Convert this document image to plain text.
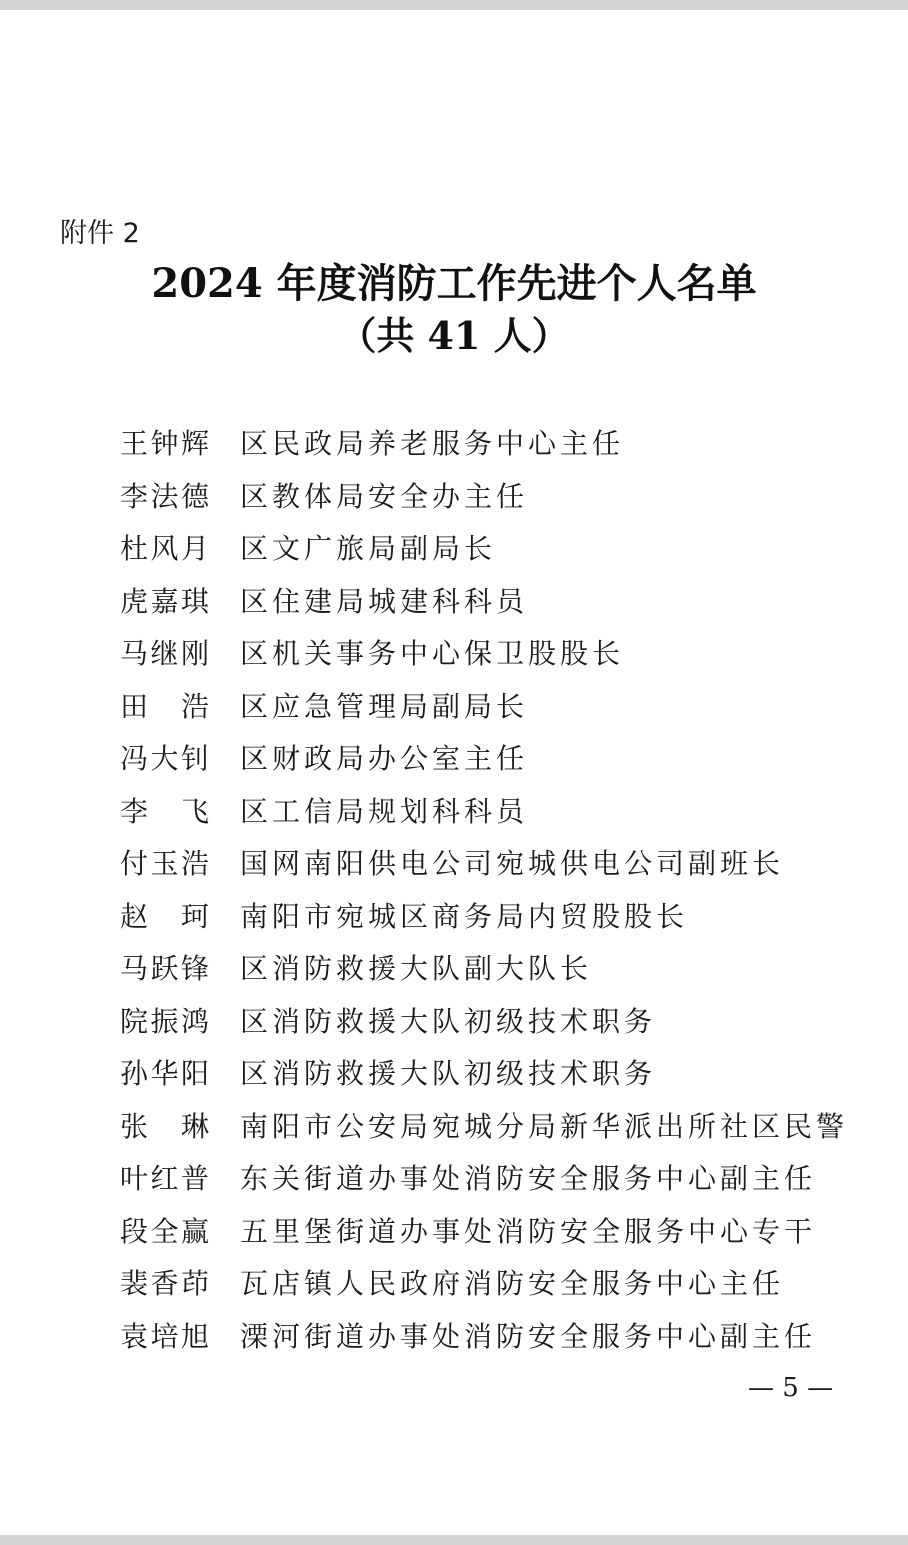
附件 2
2024 年度消防工作先进个人名单
（共 41 人）
王钟辉 区民政局养老服务中心主任
李法德 区教体局安全办主任
杜风月 区文广旅局副局长
虎嘉琪 区住建局城建科科员
马继刚 区机关事务中心保卫股股长
田　浩 区应急管理局副局长
冯大钊 区财政局办公室主任
李　飞 区工信局规划科科员
付玉浩 国网南阳供电公司宛城供电公司副班长
赵　珂 南阳市宛城区商务局内贸股股长
马跃锋 区消防救援大队副大队长
院振鸿 区消防救援大队初级技术职务
孙华阳 区消防救援大队初级技术职务
张　琳 南阳市公安局宛城分局新华派出所社区民警
叶红普 东关街道办事处消防安全服务中心副主任
段全赢 五里堡街道办事处消防安全服务中心专干
裴香茚 瓦店镇人民政府消防安全服务中心主任
袁培旭 溧河街道办事处消防安全服务中心副主任
— 5 —
